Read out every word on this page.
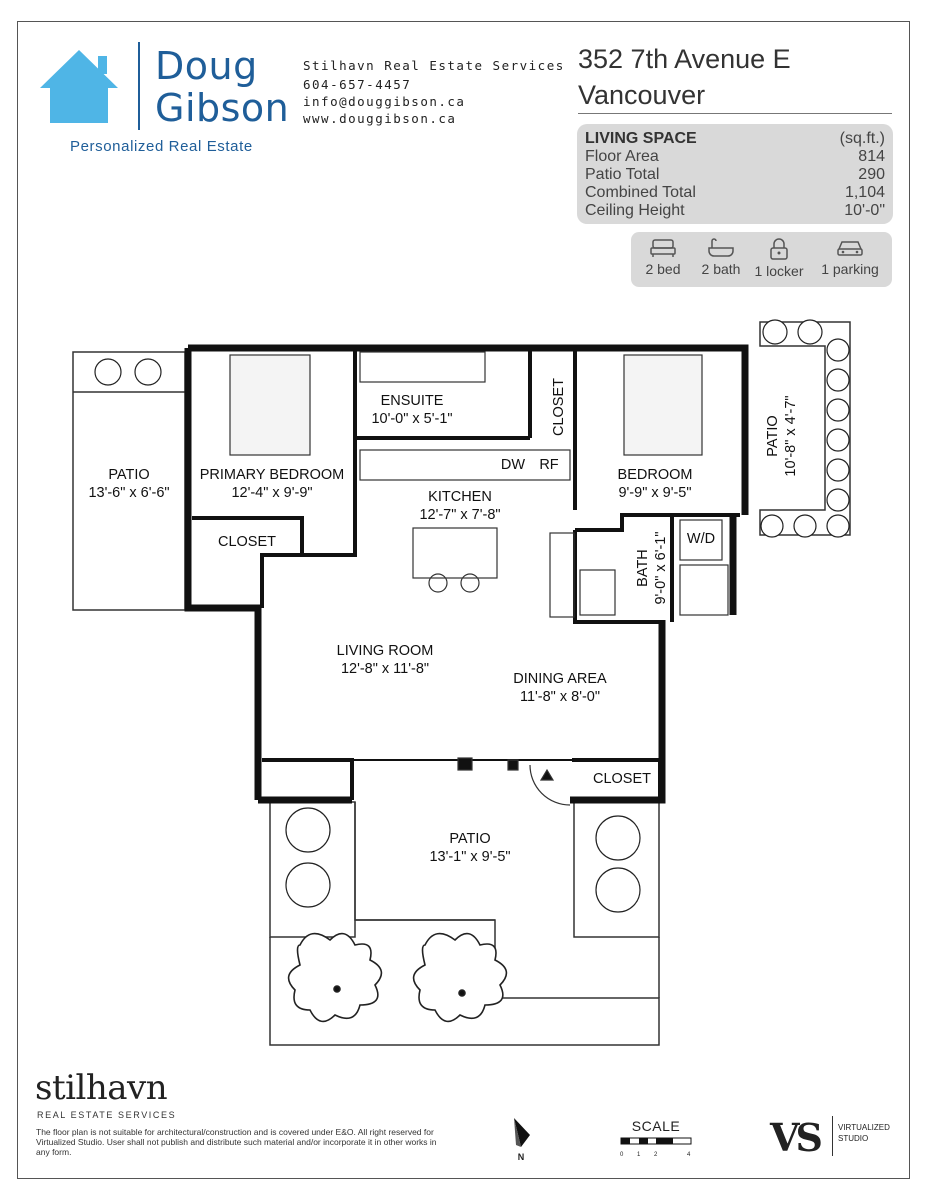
Doug
Gibson
Personalized Real Estate
Stilhavn Real Estate Services
604-657-4457
info@douggibson.ca
www.douggibson.ca
352 7th Avenue E
Vancouver
LIVING SPACE	(sq.ft.)
Floor Area	814
Patio Total	290
Combined Total	1,104
Ceiling Height	10'-0"
2 bed	2 bath	1 locker	1 parking
PATIO
13'-6" x 6'-6"
PRIMARY BEDROOM
12'-4" x 9'-9"
CLOSET
ENSUITE
10'-0" x 5'-1"	CLOSET
DW RF
KITCHEN
12'-7" x 7'-8"
BEDROOM
9'-9" x 9'-5"
PATIO 10'-8" x 4'-7"
BATH 9'-0" x 6'-1"	W/D
LIVING ROOM
12'-8" x 11'-8"
DINING AREA
11'-8" x 8'-0"
CLOSET
PATIO
13'-1" x 9'-5"
stilhavn
REAL ESTATE SERVICES
The floor plan is not suitable for architectural/construction and is covered under E&O. All right reserved for Virtualized Studio. User shall not publish and distribute such material and/or incorporate it in other works in any form.	N
SCALE
0 1 2	4 VS	VIRTUALIZED
STUDIO
